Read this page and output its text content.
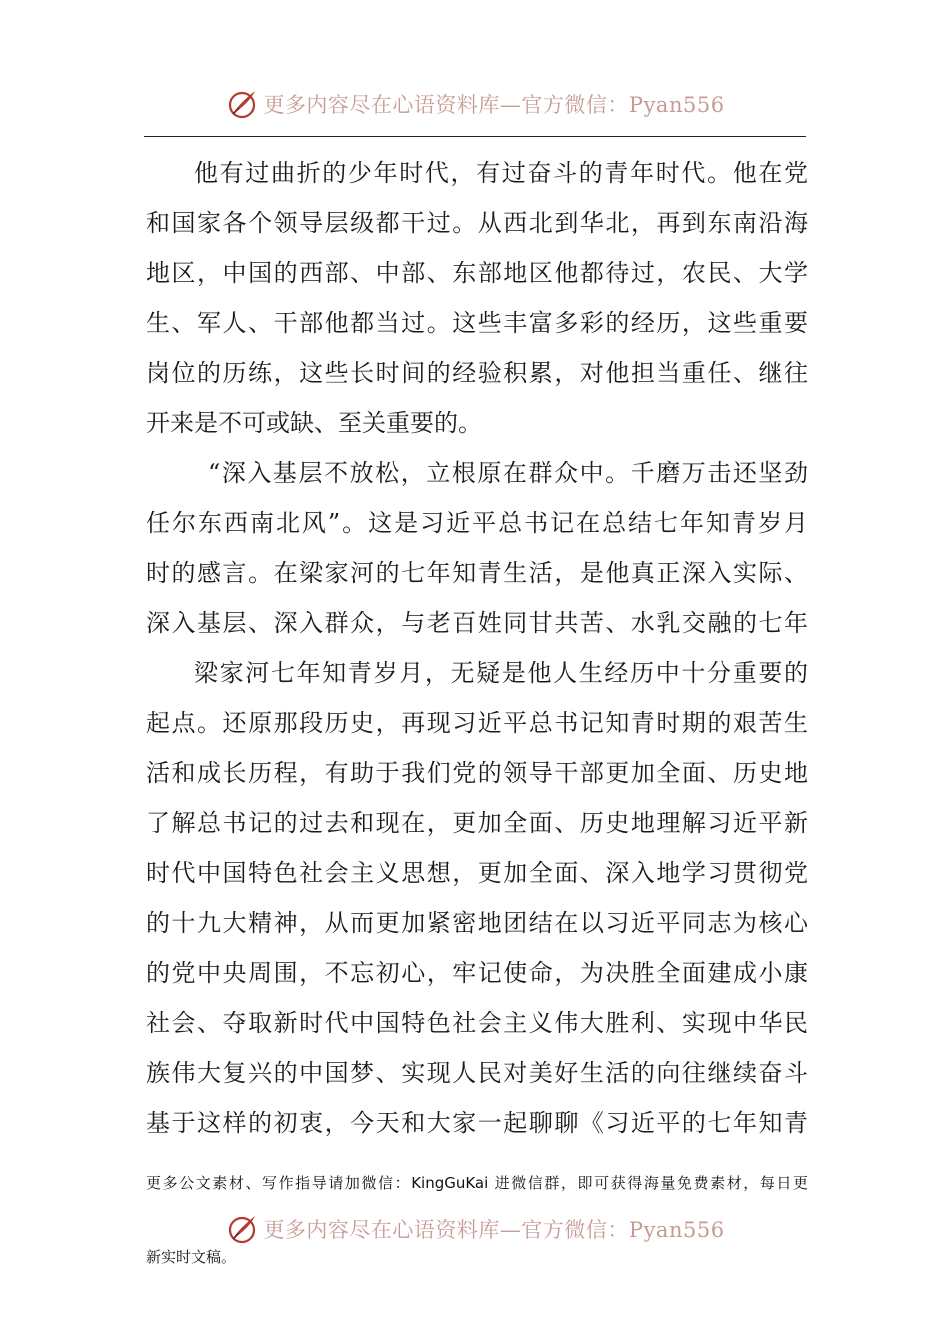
更多内容尽在心语资料库—官方微信：Pyan556
他有过曲折的少年时代，有过奋斗的青年时代。他在党
和国家各个领导层级都干过。从西北到华北，再到东南沿海
地区，中国的西部、中部、东部地区他都待过，农民、大学
生、军人、干部他都当过。这些丰富多彩的经历，这些重要
岗位的历练，这些长时间的经验积累，对他担当重任、继往
开来是不可或缺、至关重要的。
“深入基层不放松，立根原在群众中。千磨万击还坚劲
任尔东西南北风”。这是习近平总书记在总结七年知青岁月
时的感言。在梁家河的七年知青生活，是他真正深入实际、
深入基层、深入群众，与老百姓同甘共苦、水乳交融的七年
梁家河七年知青岁月，无疑是他人生经历中十分重要的
起点。还原那段历史，再现习近平总书记知青时期的艰苦生
活和成长历程，有助于我们党的领导干部更加全面、历史地
了解总书记的过去和现在，更加全面、历史地理解习近平新
时代中国特色社会主义思想，更加全面、深入地学习贯彻党
的十九大精神，从而更加紧密地团结在以习近平同志为核心
的党中央周围，不忘初心，牢记使命，为决胜全面建成小康
社会、夺取新时代中国特色社会主义伟大胜利、实现中华民
族伟大复兴的中国梦、实现人民对美好生活的向往继续奋斗
基于这样的初衷，今天和大家一起聊聊《习近平的七年知青
更多公文素材、写作指导请加微信：KingGuKai 进微信群，即可获得海量免费素材，每日更
更多内容尽在心语资料库—官方微信：Pyan556
新实时文稿。
